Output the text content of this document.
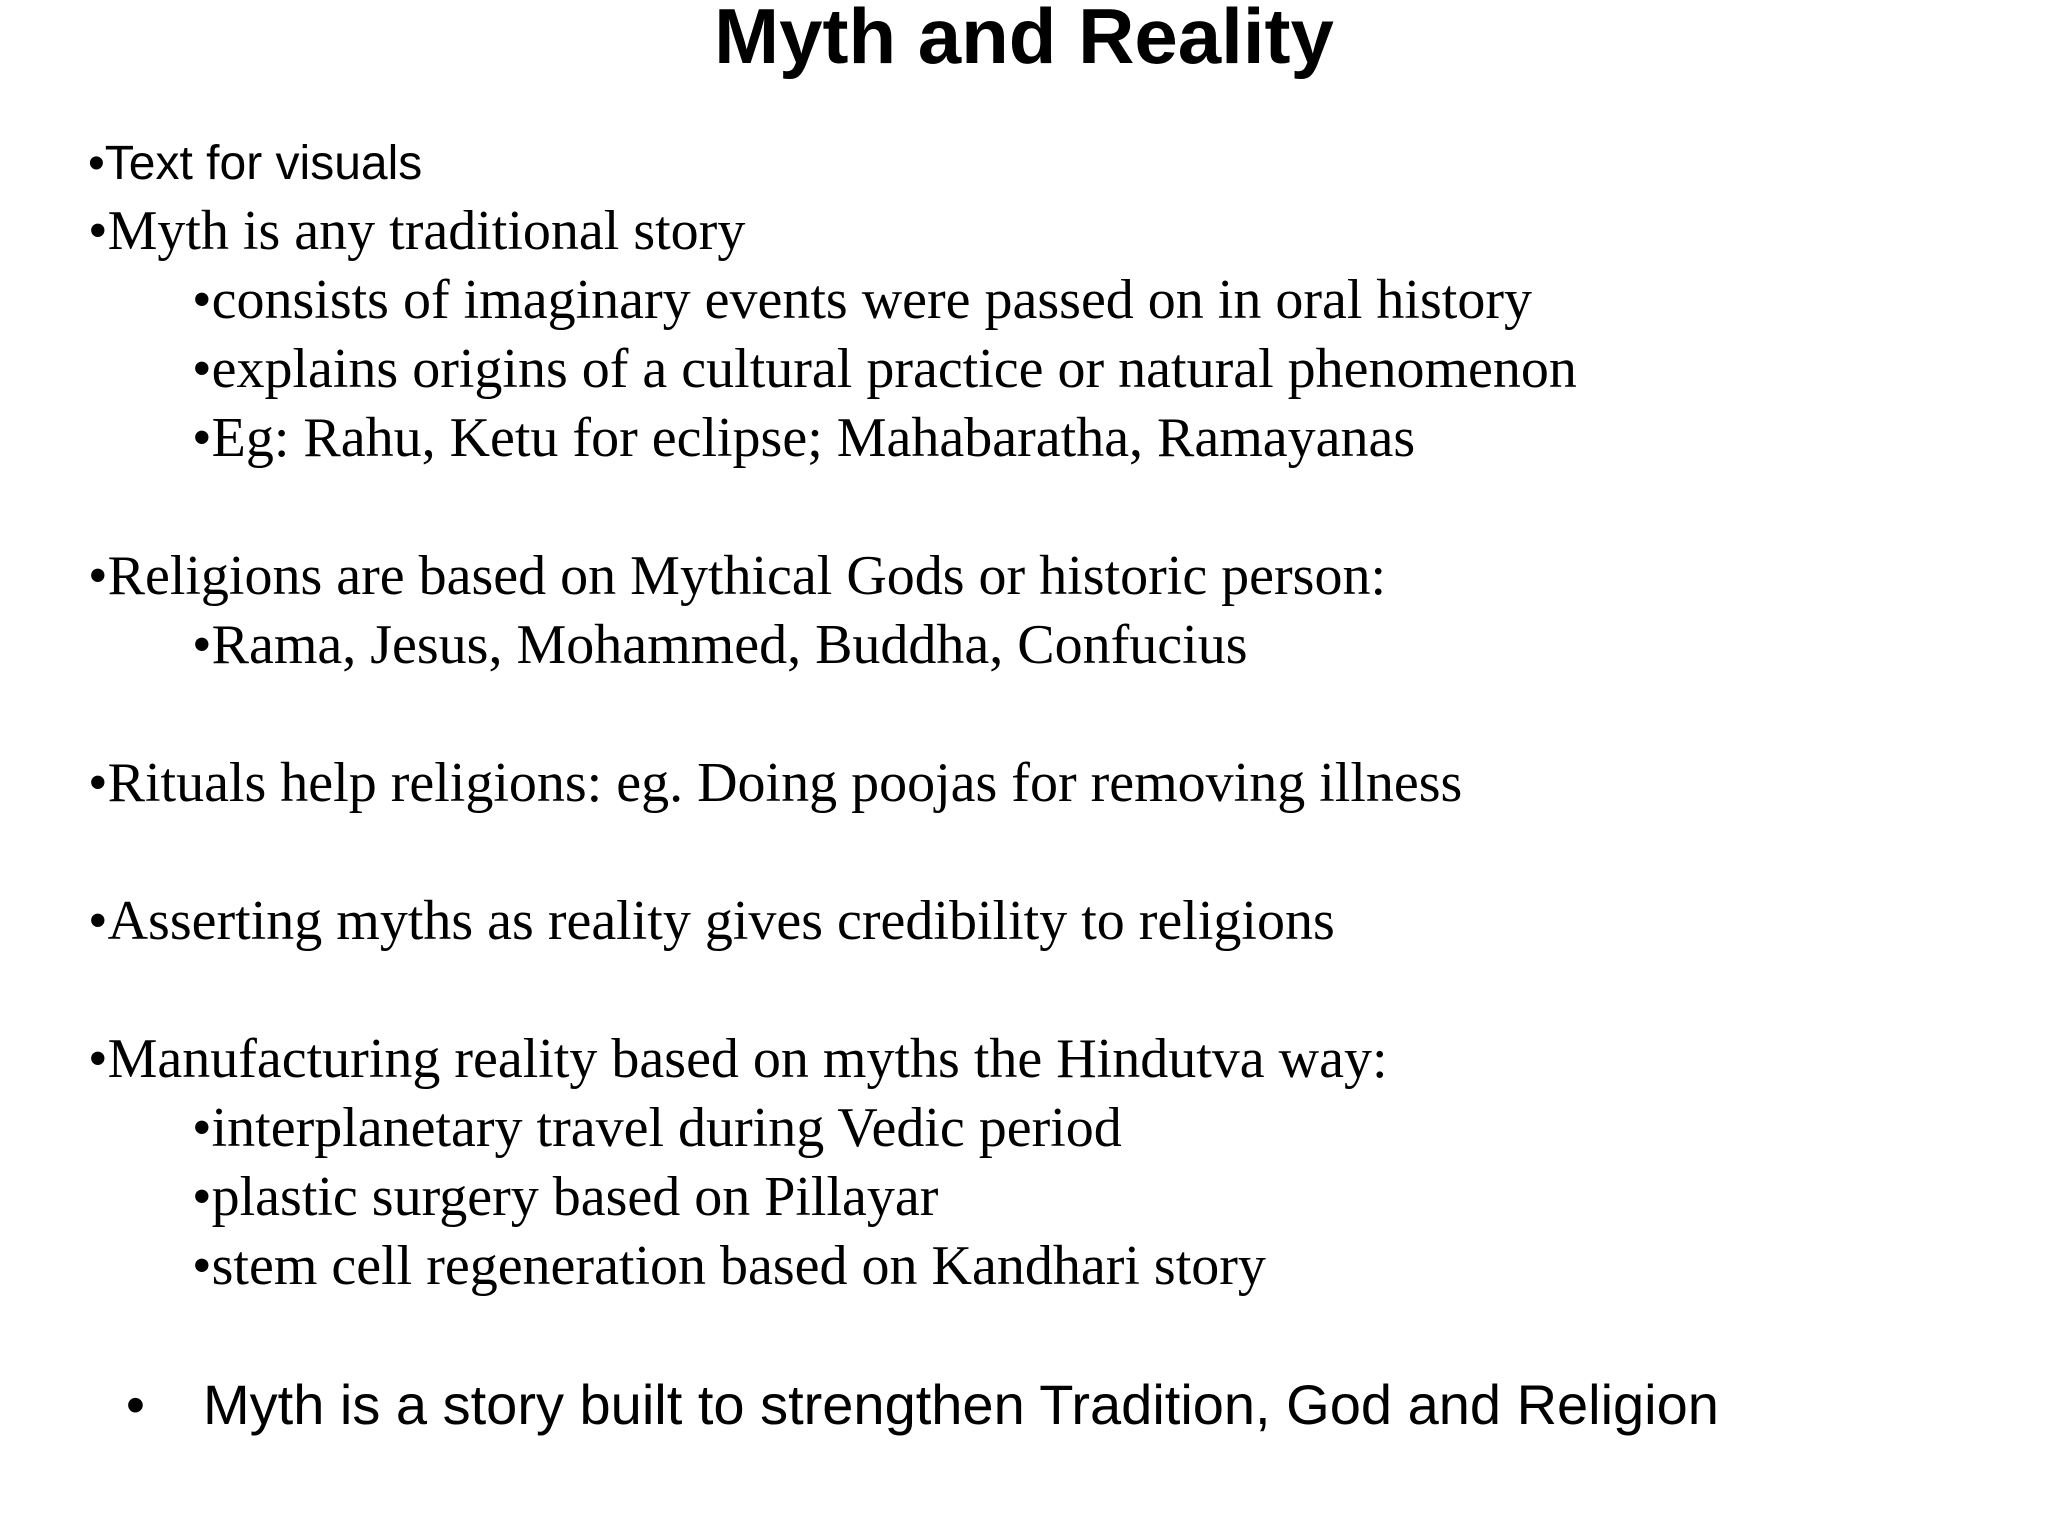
Myth and Reality
•Text for visuals
•Myth is any traditional story
•consists of imaginary events were passed on in oral history
•explains origins of a cultural practice or natural phenomenon
•Eg: Rahu, Ketu for eclipse; Mahabaratha, Ramayanas
•Religions are based on Mythical Gods or historic person:
•Rama, Jesus, Mohammed, Buddha, Confucius
•Rituals help religions: eg. Doing poojas for removing illness
•Asserting myths as reality gives credibility to religions
•Manufacturing reality based on myths the Hindutva way:
•interplanetary travel during Vedic period
•plastic surgery based on Pillayar
•stem cell regeneration based on Kandhari story
• Myth is a story built to strengthen Tradition, God and Religion
